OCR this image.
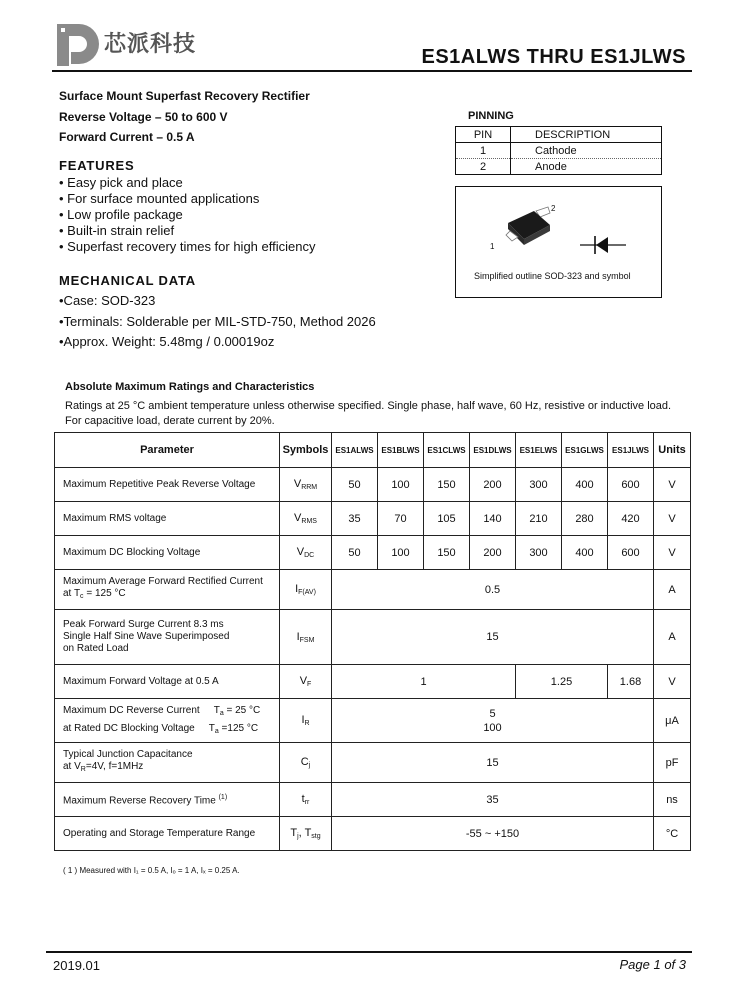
芯派科技
ES1ALWS THRU ES1JLWS
Surface Mount Superfast Recovery Rectifier
Reverse Voltage – 50 to 600 V
Forward Current – 0.5 A
FEATURES
• Easy pick and place
• For surface mounted applications
• Low profile package
• Built-in strain relief
• Superfast recovery times for high efficiency
MECHANICAL DATA
•Case: SOD-323
•Terminals: Solderable per MIL-STD-750, Method 2026
•Approx. Weight: 5.48mg / 0.00019oz
PINNING
PIN	DESCRIPTION
1	Cathode
2	Anode
2
1
Simplified outline SOD-323 and symbol
Absolute Maximum Ratings and Characteristics
Ratings at 25 °C ambient temperature unless otherwise specified. Single phase, half wave, 60 Hz, resistive or inductive load.
For capacitive load, derate current by 20%.
Parameter	Symbols	ES1ALWS	ES1BLWS	ES1CLWS	ES1DLWS	ES1ELWS	ES1GLWS	ES1JLWS	Units
Maximum Repetitive Peak Reverse Voltage	$V_{RRM}$	50	100	150	200	300	400	600	V
Maximum RMS voltage	$V_{RMS}$	35	70	105	140	210	280	420	V
Maximum DC Blocking Voltage	$V_{DC}$	50	100	150	200	300	400	600	V
Maximum Average Forward Rectified Current
at $T_c = 125$ °C	$I_{F(AV)}$	0.5							A
Peak Forward Surge Current 8.3 ms
Single Half Sine Wave Superimposed
on Rated Load	$I_{FSM}$	15							A
Maximum Forward Voltage at 0.5 A	$V_F$	1				1.25		1.68	V
Maximum DC Reverse Current $T_a = 25$ °C
at Rated DC Blocking Voltage $T_a =125$ °C	$I_R$	5
100							μA
Typical Junction Capacitance
at $V_R=4V$, f=1MHz	$C_j$	15							pF
Maximum Reverse Recovery Time $^{(1)}$	$t_{rr}$	35							ns
Operating and Storage Temperature Range	$T_j$, $T_{stg}$	-55 ~ +150							°C
( 1 ) Measured with I₁ = 0.5 A, Iₒ = 1 A, Iₓ = 0.25 A.
2019.01	Page 1 of 3
